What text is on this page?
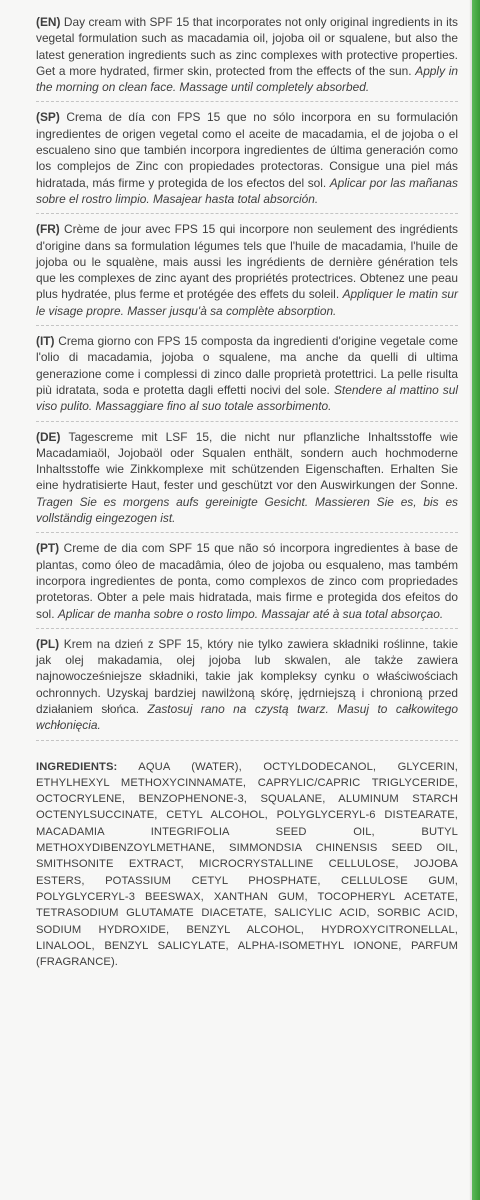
(EN) Day cream with SPF 15 that incorporates not only original ingredients in its vegetal formulation such as macadamia oil, jojoba oil or squalene, but also the latest generation ingredients such as zinc complexes with protective properties. Get a more hydrated, firmer skin, protected from the effects of the sun. Apply in the morning on clean face. Massage until completely absorbed.
(SP) Crema de día con FPS 15 que no sólo incorpora en su formulación ingredientes de origen vegetal como el aceite de macadamia, el de jojoba o el escualeno sino que también incorpora ingredientes de última generación como los complejos de Zinc con propiedades protectoras. Consigue una piel más hidratada, más firme y protegida de los efectos del sol. Aplicar por las mañanas sobre el rostro limpio. Masajear hasta total absorción.
(FR) Crème de jour avec FPS 15 qui incorpore non seulement des ingrédients d'origine dans sa formulation légumes tels que l'huile de macadamia, l'huile de jojoba ou le squalène, mais aussi les ingrédients de dernière génération tels que les complexes de zinc ayant des propriétés protectrices. Obtenez une peau plus hydratée, plus ferme et protégée des effets du soleil. Appliquer le matin sur le visage propre. Masser jusqu'à sa complète absorption.
(IT) Crema giorno con FPS 15 composta da ingredienti d'origine vegetale come l'olio di macadamia, jojoba o squalene, ma anche da quelli di ultima generazione come i complessi di zinco dalle proprietà protettrici. La pelle risulta più idratata, soda e protetta dagli effetti nocivi del sole. Stendere al mattino sul viso pulito. Massaggiare fino al suo totale assorbimento.
(DE) Tagescreme mit LSF 15, die nicht nur pflanzliche Inhaltsstoffe wie Macadamiaöl, Jojobaöl oder Squalen enthält, sondern auch hochmoderne Inhaltsstoffe wie Zinkkomplexe mit schützenden Eigenschaften. Erhalten Sie eine hydratisierte Haut, fester und geschützt vor den Auswirkungen der Sonne. Tragen Sie es morgens aufs gereinigte Gesicht. Massieren Sie es, bis es vollständig eingezogen ist.
(PT) Creme de dia com SPF 15 que não só incorpora ingredientes à base de plantas, como óleo de macadâmia, óleo de jojoba ou esqualeno, mas também incorpora ingredientes de ponta, como complexos de zinco com propriedades protetoras. Obter a pele mais hidratada, mais firme e protegida dos efeitos do sol. Aplicar de manha sobre o rosto limpo. Massajar até à sua total absorçao.
(PL) Krem na dzień z SPF 15, który nie tylko zawiera składniki roślinne, takie jak olej makadamia, olej jojoba lub skwalen, ale także zawiera najnowocześniejsze składniki, takie jak kompleksy cynku o właściwościach ochronnych. Uzyskaj bardziej nawilżoną skórę, jędrniejszą i chronioną przed działaniem słońca. Zastosuj rano na czystą twarz. Masuj to całkowitego wchłonięcia.
INGREDIENTS: AQUA (WATER), OCTYLDODECANOL, GLYCERIN, ETHYLHEXYL METHOXYCINNAMATE, CAPRYLIC/CAPRIC TRIGLYCERIDE, OCTOCRYLENE, BENZOPHENONE-3, SQUALANE, ALUMINUM STARCH OCTENYLSUCCINATE, CETYL ALCOHOL, POLYGLYCERYL-6 DISTEARATE, MACADAMIA INTEGRIFOLIA SEED OIL, BUTYL METHOXYDIBENZOYLMETHANE, SIMMONDSIA CHINENSIS SEED OIL, SMITHSONITE EXTRACT, MICROCRYSTALLINE CELLULOSE, JOJOBA ESTERS, POTASSIUM CETYL PHOSPHATE, CELLULOSE GUM, POLYGLYCERYL-3 BEESWAX, XANTHAN GUM, TOCOPHERYL ACETATE, TETRASODIUM GLUTAMATE DIACETATE, SALICYLIC ACID, SORBIC ACID, SODIUM HYDROXIDE, BENZYL ALCOHOL, HYDROXYCITRONELLAL, LINALOOL, BENZYL SALICYLATE, ALPHA-ISOMETHYL IONONE, PARFUM (FRAGRANCE).
